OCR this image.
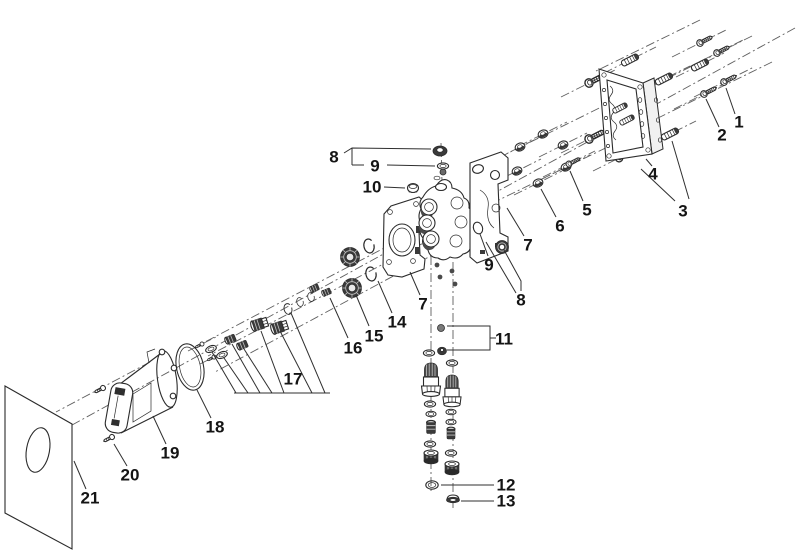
1
2
3
4
5
6
7
7
8
8
9
9
10
11
12
13
14
15
16
17
18
19
20
21
